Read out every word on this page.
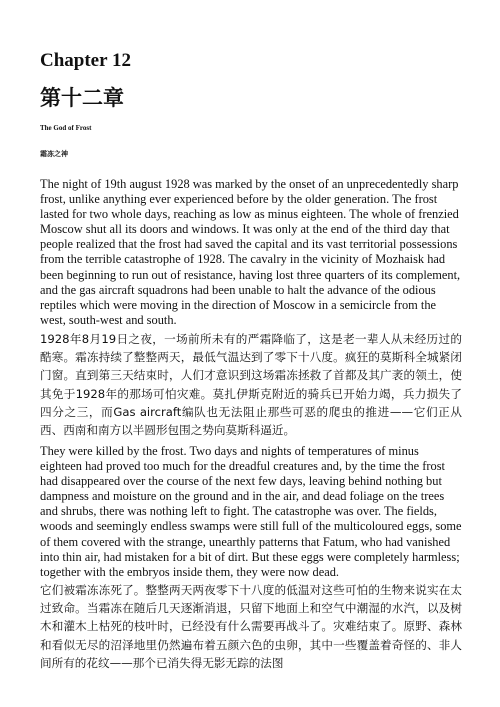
Chapter 12
第十二章
The God of Frost
霜冻之神

The night of 19th august 1928 was marked by the onset of an unprecedentedly sharp frost, unlike anything ever experienced before by the older generation. The frost lasted for two whole days, reaching as low as minus eighteen. The whole of frenzied Moscow shut all its doors and windows. It was only at the end of the third day that people realized that the frost had saved the capital and its vast territorial possessions from the terrible catastrophe of 1928. The cavalry in the vicinity of Mozhaisk had been beginning to run out of resistance, having lost three quarters of its complement, and the gas aircraft squadrons had been unable to halt the advance of the odious reptiles which were moving in the direction of Moscow in a semicircle from the west, south-west and south.

1928年8月19日之夜，一场前所未有的严霜降临了，这是老一辈人从未经历过的酷寒。霜冻持续了整整两天，最低气温达到了零下十八度。疯狂的莫斯科全城紧闭门窗。直到第三天结束时，人们才意识到这场霜冻拯救了首都及其广袤的领土，使其免于1928年的那场可怕灾难。莫扎伊斯克附近的骑兵已开始力竭，兵力损失了四分之三，而Gas aircraft编队也无法阻止那些可恶的爬虫的推进——它们正从西、西南和南方以半圆形包围之势向莫斯科逼近。

They were killed by the frost. Two days and nights of temperatures of minus eighteen had proved too much for the dreadful creatures and, by the time the frost had disappeared over the course of the next few days, leaving behind nothing but dampness and moisture on the ground and in the air, and dead foliage on the trees and shrubs, there was nothing left to fight. The catastrophe was over. The fields, woods and seemingly endless swamps were still full of the multicoloured eggs, some of them covered with the strange, unearthly patterns that Fatum, who had vanished into thin air, had mistaken for a bit of dirt. But these eggs were completely harmless; together with the embryos inside them, they were now dead.

它们被霜冻冻死了。整整两天两夜零下十八度的低温对这些可怕的生物来说实在太过致命。当霜冻在随后几天逐渐消退，只留下地面上和空气中潮湿的水汽，以及树木和灌木上枯死的枝叶时，已经没有什么需要再战斗了。灾难结束了。原野、森林和看似无尽的沼泽地里仍然遍布着五颜六色的虫卵，其中一些覆盖着奇怪的、非人间所有的花纹——那个已消失得无影无踪的法图
